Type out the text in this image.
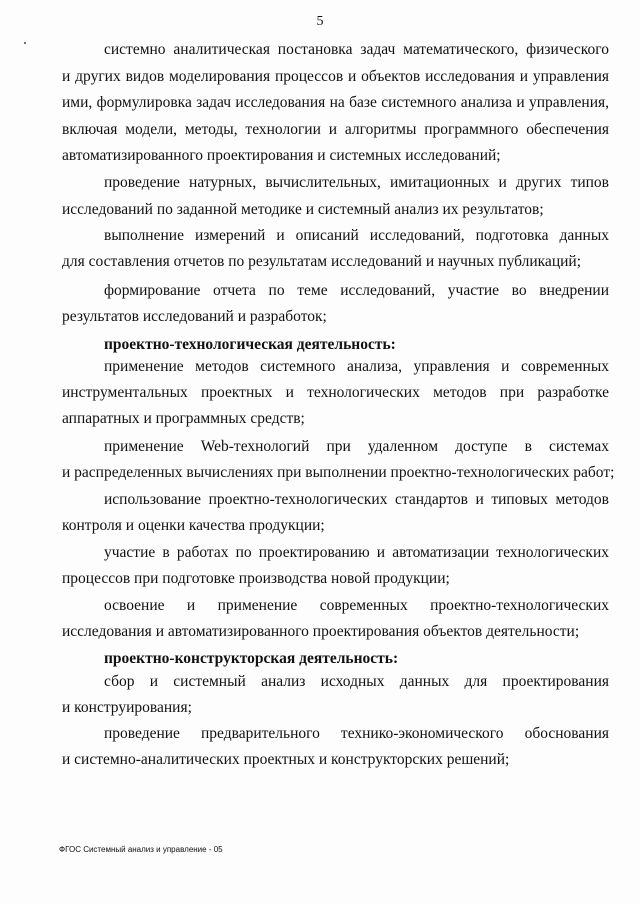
5
системно аналитическая постановка задач математического, физического
и других видов моделирования процессов и объектов исследования и управления
ими, формулировка задач исследования на базе системного анализа и управления,
включая модели, методы, технологии и алгоритмы программного обеспечения
автоматизированного проектирования и системных исследований;
проведение натурных, вычислительных, имитационных и других типов
исследований по заданной методике и системный анализ их результатов;
выполнение измерений и описаний исследований, подготовка данных
для составления отчетов по результатам исследований и научных публикаций;
формирование отчета по теме исследований, участие во внедрении
результатов исследований и разработок;
проектно-технологическая деятельность:
применение методов системного анализа, управления и современных
инструментальных проектных и технологических методов при разработке
аппаратных и программных средств;
применение Web-технологий при удаленном доступе в системах
и распределенных вычислениях при выполнении проектно-технологических работ;
использование проектно-технологических стандартов и типовых методов
контроля и оценки качества продукции;
участие в работах по проектированию и автоматизации технологических
процессов при подготовке производства новой продукции;
освоение и применение современных проектно-технологических
исследования и автоматизированного проектирования объектов деятельности;
проектно-конструкторская деятельность:
сбор и системный анализ исходных данных для проектирования
и конструирования;
проведение предварительного технико-экономического обоснования
и системно-аналитических проектных и конструкторских решений;
ФГОС Системный анализ и управление - 05
